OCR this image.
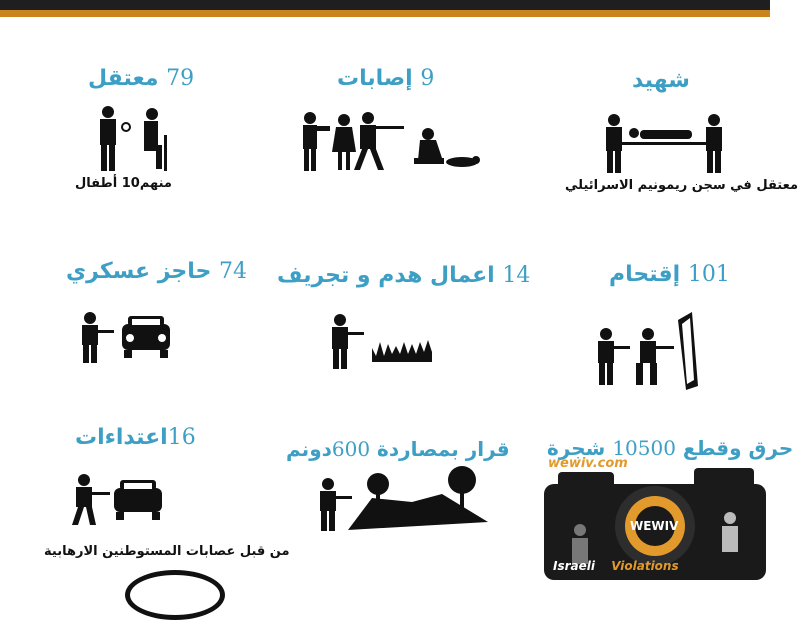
79 معتقل
منهم10 أطفال
9 إصابات	شهيد
معتقل في سجن ريمونيم الاسرائيلي
74 حاجز عسكري	14 اعمال هدم و تجريف	101 إقتحام
16اعتداءات
من قبل عصابات المستوطنين الارهابية
قرار بمصاردة 600دونم	حرق وقطع 10500 شجرة
wewiv.com
WEWIV
Israeli Violations
